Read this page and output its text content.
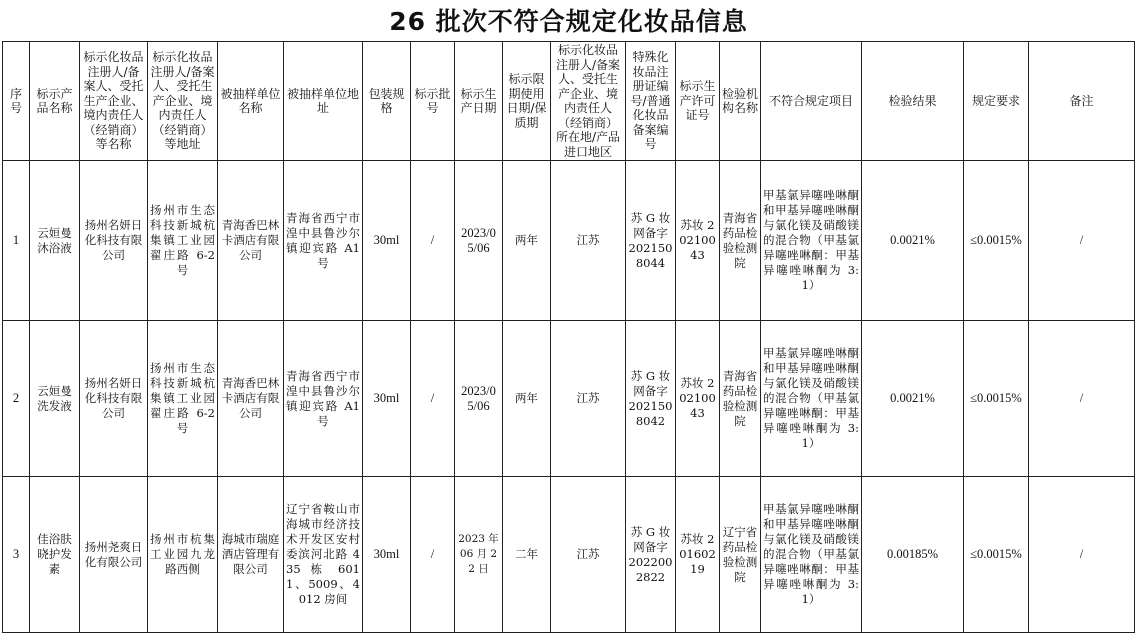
26 批次不符合规定化妆品信息
序号	标示产品名称	标示化妆品注册人/备案人、受托生产企业、境内责任人（经销商）等名称	标示化妆品注册人/备案人、受托生产企业、境内责任人（经销商）等地址	被抽样单位名称	被抽样单位地址	包装规格	标示批号	标示生产日期	标示限期使用日期/保质期	标示化妆品注册人/备案人、受托生产企业、境内责任人（经销商）所在地/产品进口地区	特殊化妆品注册证编号/普通化妆品备案编号	标示生产许可证号	检验机构名称	不符合规定项目	检验结果	规定要求	备注
1	云姮曼沐浴液	扬州名妍日化科技有限公司	扬州市生态科技新城杭集镇工业园翟庄路 6-2 号	青海香巴林卡酒店有限公司	青海省西宁市湟中县鲁沙尔镇迎宾路 A1 号	30ml	/	2023/05/06	两年	江苏	苏 G 妆网备字 2021508044	苏妆 20210043	青海省药品检验检测院	甲基氯异噻唑啉酮和甲基异噻唑啉酮与氯化镁及硝酸镁的混合物（甲基氯异噻唑啉酮：甲基异噻唑啉酮为 3:1）	0.0021%	≤0.0015%	/
2	云姮曼洗发液	扬州名妍日化科技有限公司	扬州市生态科技新城杭集镇工业园翟庄路 6-2 号	青海香巴林卡酒店有限公司	青海省西宁市湟中县鲁沙尔镇迎宾路 A1 号	30ml	/	2023/05/06	两年	江苏	苏 G 妆网备字 2021508042	苏妆 20210043	青海省药品检验检测院	甲基氯异噻唑啉酮和甲基异噻唑啉酮与氯化镁及硝酸镁的混合物（甲基氯异噻唑啉酮：甲基异噻唑啉酮为 3:1）	0.0021%	≤0.0015%	/
3	佳浴肤晓护发素	扬州尧爽日化有限公司	扬州市杭集工业园九龙路西侧	海城市瑞庭酒店管理有限公司	辽宁省鞍山市海城市经济技术开发区安村委滨河北路 435 栋 6011、5009、4012 房间	30ml	/	2023 年 06 月 22 日	二年	江苏	苏 G 妆网备字 2022002822	苏妆 20160219	辽宁省药品检验检测院	甲基氯异噻唑啉酮和甲基异噻唑啉酮与氯化镁及硝酸镁的混合物（甲基氯异噻唑啉酮：甲基异噻唑啉酮为 3:1）	0.00185%	≤0.0015%	/
